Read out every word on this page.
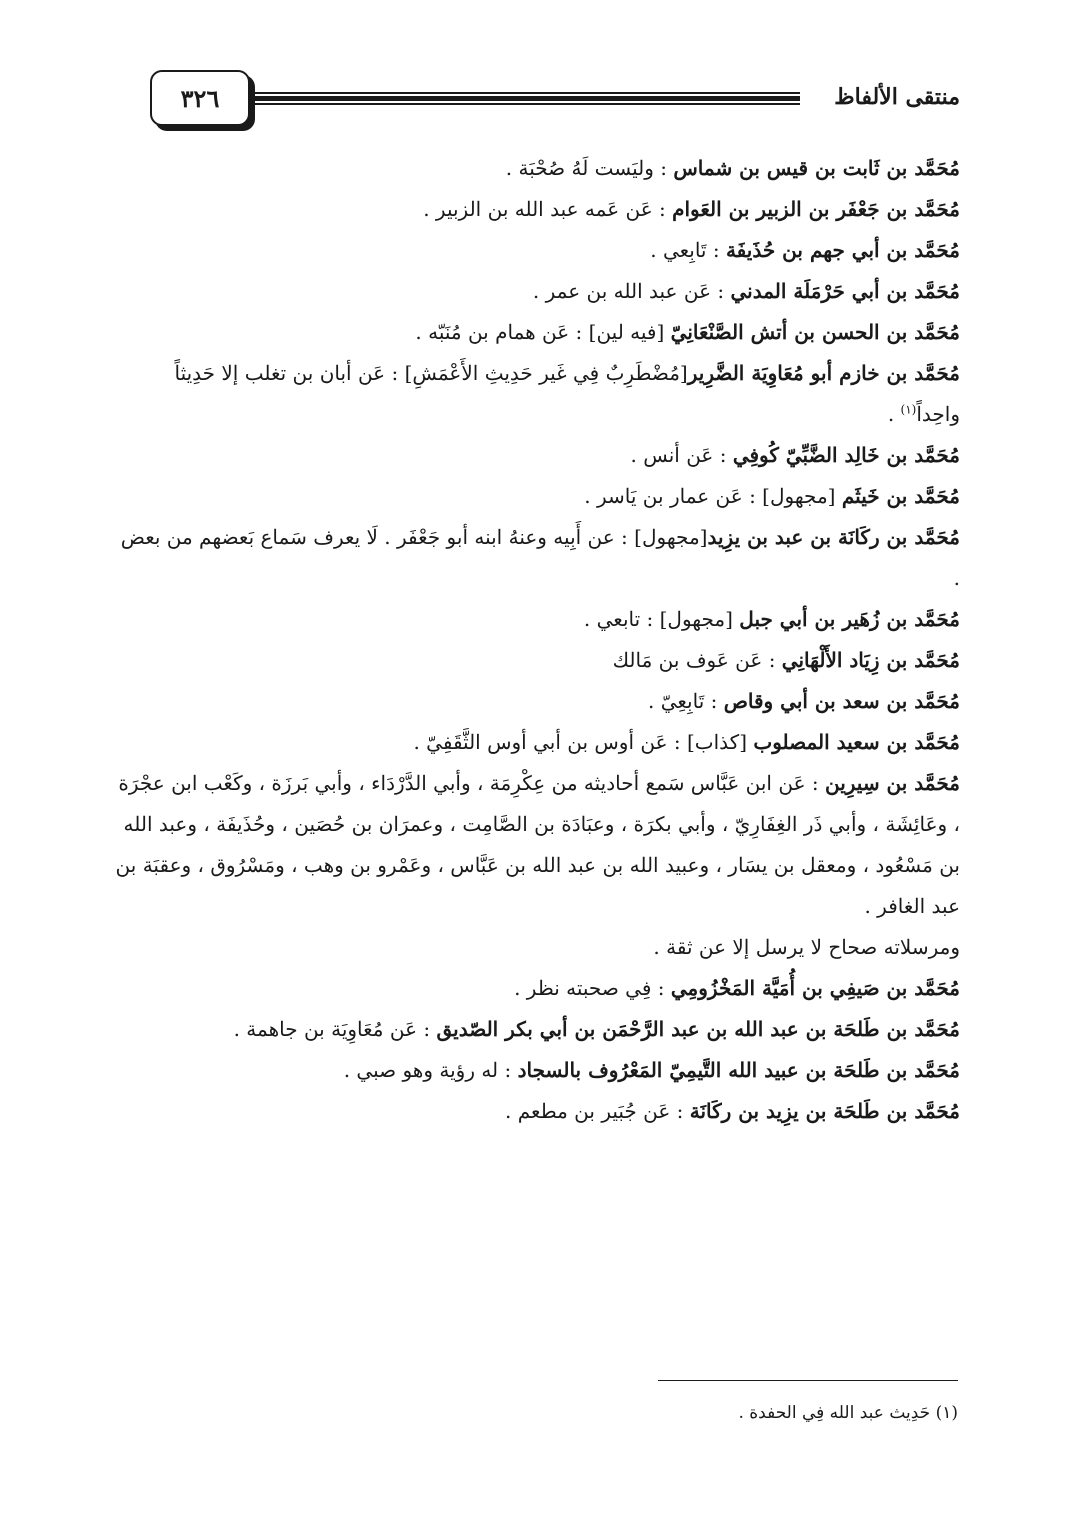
٣٢٦	منتقى الألفاظ

مُحَمَّد بن ثَابت بن قيس بن شماس : وليَست لَهُ صُحْبَة .

مُحَمَّد بن جَعْفَر بن الزبير بن العَوام : عَن عَمه عبد الله بن الزبير .

مُحَمَّد بن أبي جهم بن حُذَيفَة : تَابِعي .

مُحَمَّد بن أبي حَرْمَلَة المدني : عَن عبد الله بن عمر .

مُحَمَّد بن الحسن بن أتش الصَّنْعَانِيّ [فيه لين] : عَن همام بن مُنَبّه .

مُحَمَّد بن خازم أبو مُعَاوِيَة الضَّرِير[مُضْطَرِبٌ فِي غَير حَدِيثِ الأَعْمَشِ] : عَن أبان بن تغلب إلا حَدِيثاً واحِداً$^{(١)}$ .

مُحَمَّد بن خَالِد الضَّبِّيّ كُوفِي : عَن أنس .

مُحَمَّد بن خَيثَم [مجهول] : عَن عمار بن يَاسر .

مُحَمَّد بن ركَانَة بن عبد بن يزِيد[مجهول] : عن أَبِيه وعنهُ ابنه أبو جَعْفَر . لَا يعرف سَماع بَعضهم من بعض .

مُحَمَّد بن زُهَير بن أبي جبل [مجهول] : تابعي .

مُحَمَّد بن زِيَاد الأَلْهَانِي : عَن عَوف بن مَالك

مُحَمَّد بن سعد بن أبي وقاص : تَابِعِيّ .

مُحَمَّد بن سعيد المصلوب [كذاب] : عَن أوس بن أبي أوس الثَّقَفِيّ .

مُحَمَّد بن سِيرِين : عَن ابن عَبَّاس سَمع أحاديثه من عِكْرِمَة ، وأبي الدَّرْدَاء ، وأبي بَرزَة ، وكَعْب ابن عجْرَة ، وعَائِشَة ، وأبي ذَر الغِفَارِيّ ، وأبي بكرَة ، وعبَادَة بن الصَّامِت ، وعمرَان بن حُصَين ، وحُذَيفَة ، وعبد الله بن مَسْعُود ، ومعقل بن يسَار ، وعبيد الله بن عبد الله بن عَبَّاس ، وعَمْرو بن وهب ، ومَسْرُوق ، وعقبَة بن عبد الغافر .

ومرسلاته صحاح لا يرسل إلا عن ثقة .

مُحَمَّد بن صَيفِي بن أُمَيَّة المَخْزُومِي : فِي صحبته نظر .

مُحَمَّد بن طَلحَة بن عبد الله بن عبد الرَّحْمَن بن أبي بكر الصّديق : عَن مُعَاوِيَة بن جاهمة .

مُحَمَّد بن طَلحَة بن عبيد الله التَّيمِيّ المَعْرُوف بالسجاد : له رؤية وهو صبي .

مُحَمَّد بن طَلحَة بن يزِيد بن ركَانَة : عَن جُبَير بن مطعم .

(١) حَدِيث عبد الله فِي الحفدة .
